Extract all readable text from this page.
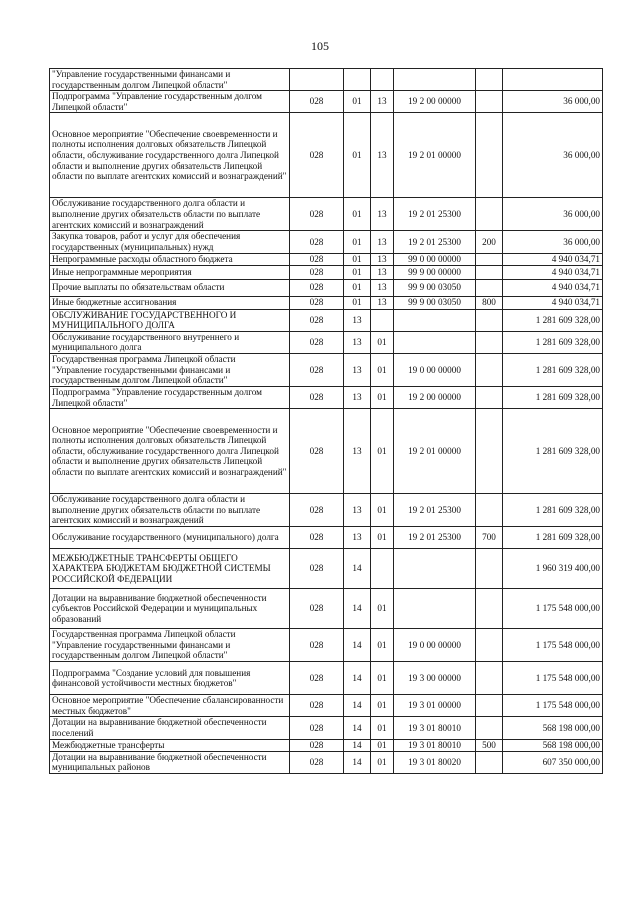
105
"Управление государственными финансами и государственным долгом Липецкой области"						
Подпрограмма "Управление государственным долгом Липецкой области"	028	01	13	19 2 00 00000		36 000,00
Основное мероприятие "Обеспечение своевременности и полноты исполнения долговых обязательств Липецкой области, обслуживание государственного долга Липецкой области и выполнение других обязательств Липецкой области по выплате агентских комиссий и вознаграждений"	028	01	13	19 2 01 00000		36 000,00
Обслуживание государственного долга области и выполнение других обязательств области по выплате агентских комиссий и вознаграждений	028	01	13	19 2 01 25300		36 000,00
Закупка товаров, работ и услуг для обеспечения государственных (муниципальных) нужд	028	01	13	19 2 01 25300	200	36 000,00
Непрограммные расходы областного бюджета	028	01	13	99 0 00 00000		4 940 034,71
Иные непрограммные мероприятия	028	01	13	99 9 00 00000		4 940 034,71
Прочие выплаты по обязательствам области	028	01	13	99 9 00 03050		4 940 034,71
Иные бюджетные ассигнования	028	01	13	99 9 00 03050	800	4 940 034,71
ОБСЛУЖИВАНИЕ ГОСУДАРСТВЕННОГО И МУНИЦИПАЛЬНОГО ДОЛГА	028	13				1 281 609 328,00
Обслуживание государственного внутреннего и муниципального долга	028	13	01			1 281 609 328,00
Государственная программа Липецкой области "Управление государственными финансами и государственным долгом Липецкой области"	028	13	01	19 0 00 00000		1 281 609 328,00
Подпрограмма "Управление государственным долгом Липецкой области"	028	13	01	19 2 00 00000		1 281 609 328,00
Основное мероприятие "Обеспечение своевременности и полноты исполнения долговых обязательств Липецкой области, обслуживание государственного долга Липецкой области и выполнение других обязательств Липецкой области по выплате агентских комиссий и вознаграждений"	028	13	01	19 2 01 00000		1 281 609 328,00
Обслуживание государственного долга области и выполнение других обязательств области по выплате агентских комиссий и вознаграждений	028	13	01	19 2 01 25300		1 281 609 328,00
Обслуживание государственного (муниципального) долга	028	13	01	19 2 01 25300	700	1 281 609 328,00
МЕЖБЮДЖЕТНЫЕ ТРАНСФЕРТЫ ОБЩЕГО ХАРАКТЕРА БЮДЖЕТАМ БЮДЖЕТНОЙ СИСТЕМЫ РОССИЙСКОЙ ФЕДЕРАЦИИ	028	14				1 960 319 400,00
Дотации на выравнивание бюджетной обеспеченности субъектов Российской Федерации и муниципальных образований	028	14	01			1 175 548 000,00
Государственная программа Липецкой области "Управление государственными финансами и государственным долгом Липецкой области"	028	14	01	19 0 00 00000		1 175 548 000,00
Подпрограмма "Создание условий для повышения финансовой устойчивости местных бюджетов"	028	14	01	19 3 00 00000		1 175 548 000,00
Основное мероприятие "Обеспечение сбалансированности местных бюджетов"	028	14	01	19 3 01 00000		1 175 548 000,00
Дотации на выравнивание бюджетной обеспеченности поселений	028	14	01	19 3 01 80010		568 198 000,00
Межбюджетные трансферты	028	14	01	19 3 01 80010	500	568 198 000,00
Дотации на выравнивание бюджетной обеспеченности муниципальных районов	028	14	01	19 3 01 80020		607 350 000,00
